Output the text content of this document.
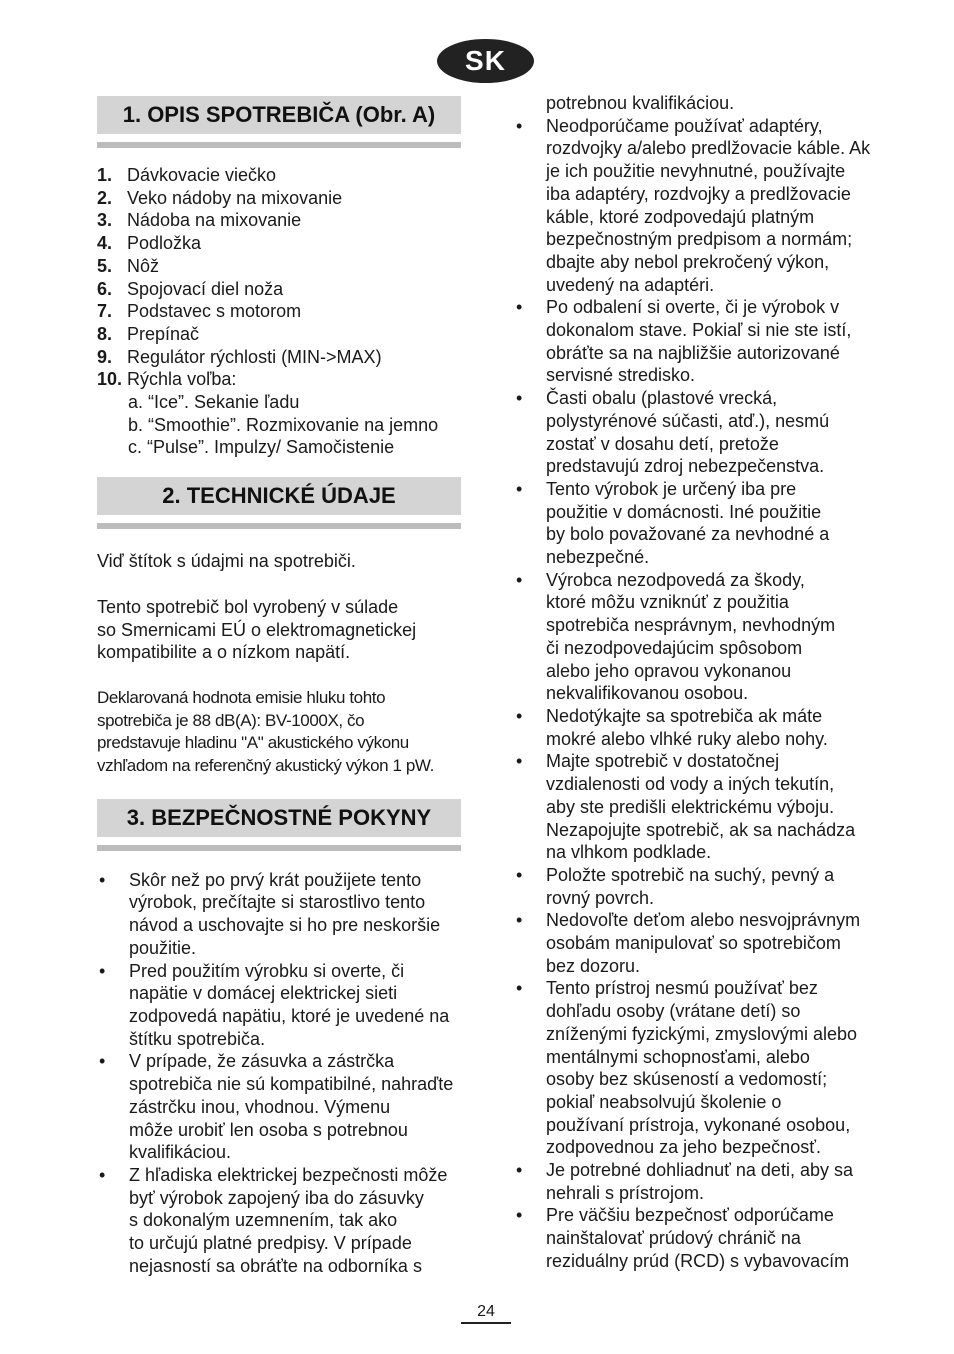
SK
1. OPIS SPOTREBIČA (Obr. A)
1. Dávkovacie viečko
2. Veko nádoby na mixovanie
3. Nádoba na mixovanie
4. Podložka
5. Nôž
6. Spojovací diel noža
7. Podstavec s motorom
8. Prepínač
9. Regulátor rýchlosti (MIN->MAX)
10. Rýchla voľba:
a. “Ice”. Sekanie ľadu
b. “Smoothie”. Rozmixovanie na jemno
c. “Pulse”. Impulzy/ Samočistenie
2. TECHNICKÉ ÚDAJE

Viď štítok s údajmi na spotrebiči.

Tento spotrebič bol vyrobený v súlade
so Smernicami EÚ o elektromagnetickej
kompatibilite a o nízkom napätí.

Deklarovaná hodnota emisie hluku tohto
spotrebiča je 88 dB(A): BV-1000X, čo
predstavuje hladinu "A" akustického výkonu
vzhľadom na referenčný akustický výkon 1 pW.

3. BEZPEČNOSTNÉ POKYNY
• Skôr než po prvý krát použijete tento
výrobok, prečítajte si starostlivo tento
návod a uschovajte si ho pre neskoršie
použitie.
• Pred použitím výrobku si overte, či
napätie v domácej elektrickej sieti
zodpovedá napätiu, ktoré je uvedené na
štítku spotrebiča.
• V prípade, že zásuvka a zástrčka
spotrebiča nie sú kompatibilné, nahraďte
zástrčku inou, vhodnou. Výmenu
môže urobiť len osoba s potrebnou
kvalifikáciou.
• Z hľadiska elektrickej bezpečnosti môže
byť výrobok zapojený iba do zásuvky
s dokonalým uzemnením, tak ako
to určujú platné predpisy. V prípade
nejasností sa obráťte na odborníka s
potrebnou kvalifikáciou.
• Neodporúčame používať adaptéry,
rozdvojky a/alebo predlžovacie káble. Ak
je ich použitie nevyhnutné, používajte
iba adaptéry, rozdvojky a predlžovacie
káble, ktoré zodpovedajú platným
bezpečnostným predpisom a normám;
dbajte aby nebol prekročený výkon,
uvedený na adaptéri.
• Po odbalení si overte, či je výrobok v
dokonalom stave. Pokiaľ si nie ste istí,
obráťte sa na najbližšie autorizované
servisné stredisko.
• Časti obalu (plastové vrecká,
polystyrénové súčasti, atď.), nesmú
zostať v dosahu detí, pretože
predstavujú zdroj nebezpečenstva.
• Tento výrobok je určený iba pre
použitie v domácnosti. Iné použitie
by bolo považované za nevhodné a
nebezpečné.
• Výrobca nezodpovedá za škody,
ktoré môžu vzniknúť z použitia
spotrebiča nesprávnym, nevhodným
či nezodpovedajúcim spôsobom
alebo jeho opravou vykonanou
nekvalifikovanou osobou.
• Nedotýkajte sa spotrebiča ak máte
mokré alebo vlhké ruky alebo nohy.
• Majte spotrebič v dostatočnej
vzdialenosti od vody a iných tekutín,
aby ste predišli elektrickému výboju.
Nezapojujte spotrebič, ak sa nachádza
na vlhkom podklade.
• Položte spotrebič na suchý, pevný a
rovný povrch.
• Nedovoľte deťom alebo nesvojprávnym
osobám manipulovať so spotrebičom
bez dozoru.
• Tento prístroj nesmú používať bez
dohľadu osoby (vrátane detí) so
zníženými fyzickými, zmyslovými alebo
mentálnymi schopnosťami, alebo
osoby bez skúseností a vedomostí;
pokiaľ neabsolvujú školenie o
používaní prístroja, vykonané osobou,
zodpovednou za jeho bezpečnosť.
• Je potrebné dohliadnuť na deti, aby sa
nehrali s prístrojom.
• Pre väčšiu bezpečnosť odporúčame
nainštalovať prúdový chránič na
reziduálny prúd (RCD) s vybavovacím
24
